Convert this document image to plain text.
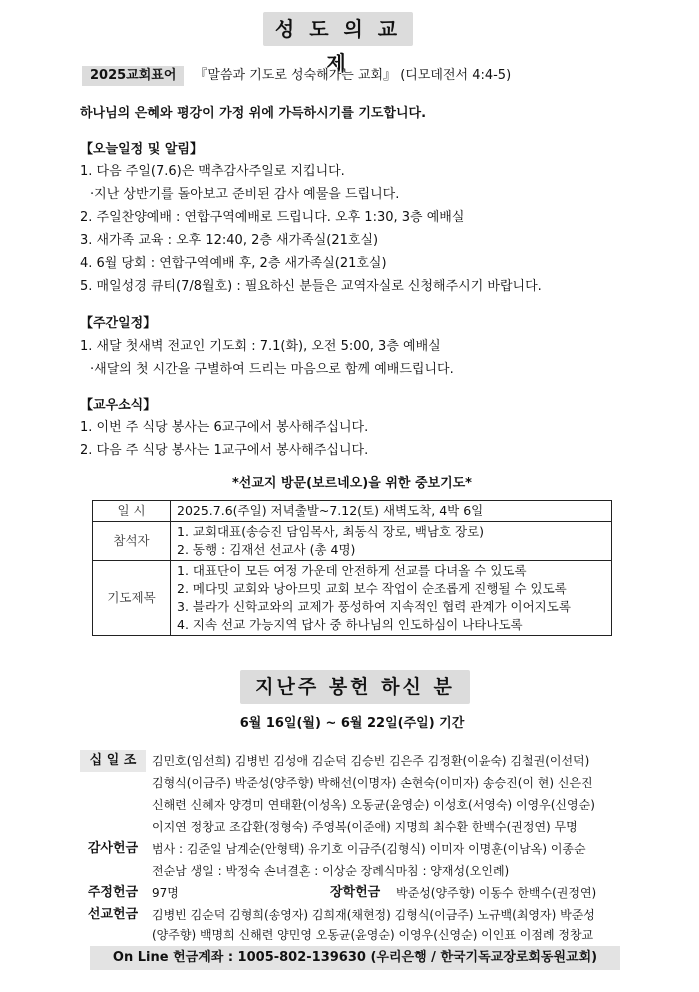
성 도 의 교 제
2025교회표어 『말씀과 기도로 성숙해가는 교회』 (디모데전서 4:4-5)
하나님의 은혜와 평강이 가정 위에 가득하시기를 기도합니다.
【오늘일정 및 알림】
1. 다음 주일(7.6)은 맥추감사주일로 지킵니다.
·지난 상반기를 돌아보고 준비된 감사 예물을 드립니다.
2. 주일찬양예배 : 연합구역예배로 드립니다. 오후 1:30, 3층 예배실
3. 새가족 교육 : 오후 12:40, 2층 새가족실(21호실)
4. 6월 당회 : 연합구역예배 후, 2층 새가족실(21호실)
5. 매일성경 큐티(7/8월호) : 필요하신 분들은 교역자실로 신청해주시기 바랍니다.
【주간일정】
1. 새달 첫새벽 전교인 기도회 : 7.1(화), 오전 5:00, 3층 예배실
·새달의 첫 시간을 구별하여 드리는 마음으로 함께 예배드립니다.
【교우소식】
1. 이번 주 식당 봉사는 6교구에서 봉사해주십니다.
2. 다음 주 식당 봉사는 1교구에서 봉사해주십니다.
*선교지 방문(보르네오)을 위한 중보기도*
일 시	2025.7.6(주일) 저녁출발~7.12(토) 새벽도착, 4박 6일

참석자	1. 교회대표(송승진 담임목사, 최동식 장로, 백남호 장로)
2. 동행 : 김재선 선교사 (총 4명)

기도제목	1. 대표단이 모든 여정 가운데 안전하게 선교를 다녀올 수 있도록
2. 메다밋 교회와 낭아므밋 교회 보수 작업이 순조롭게 진행될 수 있도록
3. 블라가 신학교와의 교제가 풍성하여 지속적인 협력 관계가 이어지도록
4. 지속 선교 가능지역 답사 중 하나님의 인도하심이 나타나도록
지난주 봉헌 하신 분
6월 16일(월) ~ 6월 22일(주일) 기간
십 일 조	김민호(임선희) 김병빈 김성애 김순덕 김승빈 김은주 김정환(이윤숙) 김철권(이선덕)
김형식(이금주) 박준성(양주향) 박해선(이명자) 손현숙(이미자) 송승진(이 현) 신은진
신해련 신혜자 양경미 연태환(이성옥) 오동균(윤영순) 이성호(서영숙) 이영우(신영순)
이지연 정창교 조갑환(정형숙) 주영복(이준애) 지명희 최수환 한백수(권정연) 무명
감사헌금	범사 : 김준일 남계순(안형택) 유기호 이금주(김형식) 이미자 이명훈(이남옥) 이종순
전순남 생일 : 박정숙 손녀결혼 : 이상순 장례식마침 : 양재성(오인례)
주정헌금	97명	장학헌금	박준성(양주향) 이동수 한백수(권정연)
선교헌금	김병빈 김순덕 김형희(송영자) 김희재(채현정) 김형식(이금주) 노규백(최영자) 박준성
(양주향) 백명희 신해련 양민영 오동균(윤영순) 이영우(신영순) 이인표 이점례 정창교
On Line 헌금계좌 : 1005-802-139630 (우리은행 / 한국기독교장로회동원교회)
